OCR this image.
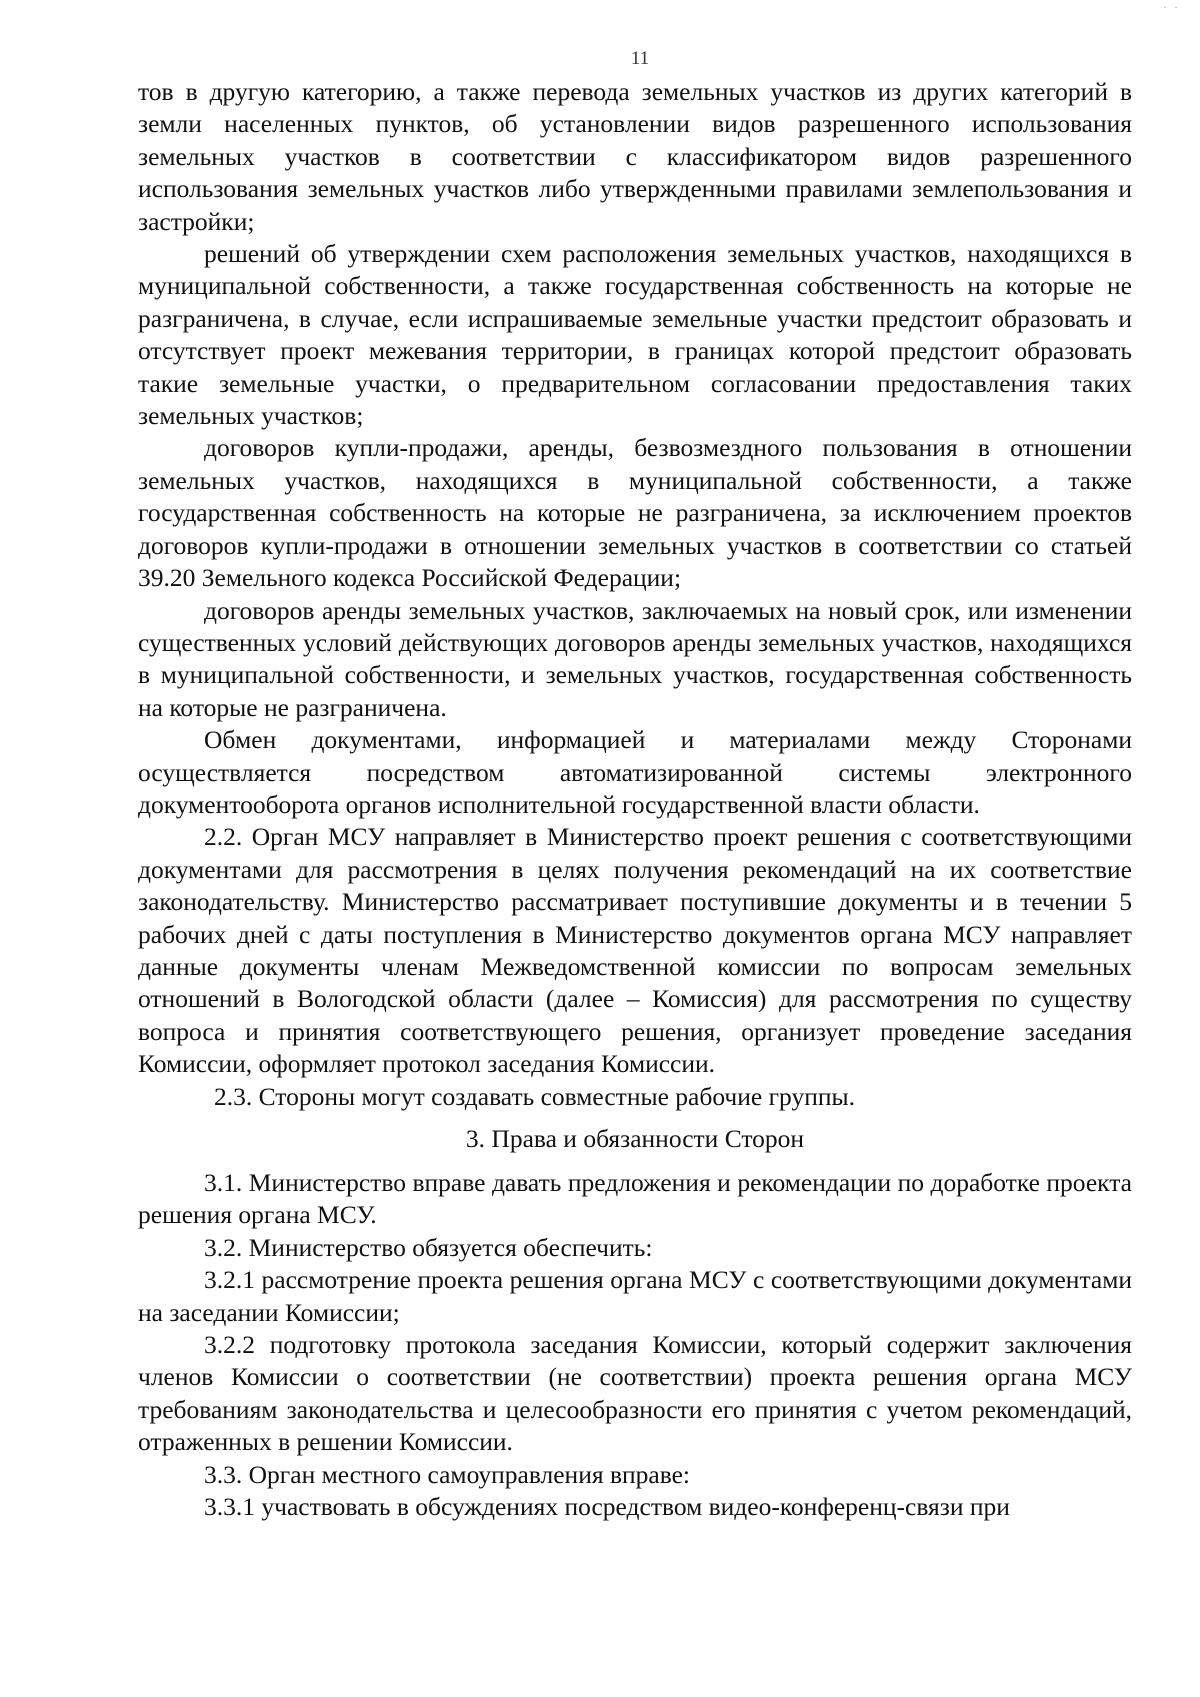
· ·
11

тов в другую категорию, а также перевода земельных участков из других категорий в земли населенных пунктов, об установлении видов разрешенного использования земельных участков в соответствии с классификатором видов разрешенного использования земельных участков либо утвержденными правилами землепользования и застройки;

решений об утверждении схем расположения земельных участков, находящихся в муниципальной собственности, а также государственная собственность на которые не разграничена, в случае, если испрашиваемые земельные участки предстоит образовать и отсутствует проект межевания территории, в границах которой предстоит образовать такие земельные участки, о предварительном согласовании предоставления таких земельных участков;

договоров купли-продажи, аренды, безвозмездного пользования в отношении земельных участков, находящихся в муниципальной собственности, а также государственная собственность на которые не разграничена, за исключением проектов договоров купли-продажи в отношении земельных участков в соответствии со статьей 39.20 Земельного кодекса Российской Федерации;

договоров аренды земельных участков, заключаемых на новый срок, или изменении существенных условий действующих договоров аренды земельных участков, находящихся в муниципальной собственности, и земельных участков, государственная собственность на которые не разграничена.

Обмен документами, информацией и материалами между Сторонами осуществляется посредством автоматизированной системы электронного документооборота органов исполнительной государственной власти области.

2.2. Орган МСУ направляет в Министерство проект решения с соответствующими документами для рассмотрения в целях получения рекомендаций на их соответствие законодательству. Министерство рассматривает поступившие документы и в течении 5 рабочих дней с даты поступления в Министерство документов органа МСУ направляет данные документы членам Межведомственной комиссии по вопросам земельных отношений в Вологодской области (далее – Комиссия) для рассмотрения по существу вопроса и принятия соответствующего решения, организует проведение заседания Комиссии, оформляет протокол заседания Комиссии.

2.3. Стороны могут создавать совместные рабочие группы.

3. Права и обязанности Сторон

3.1. Министерство вправе давать предложения и рекомендации по доработке проекта решения органа МСУ.

3.2. Министерство обязуется обеспечить:

3.2.1 рассмотрение проекта решения органа МСУ с соответствующими документами на заседании Комиссии;

3.2.2 подготовку протокола заседания Комиссии, который содержит заключения членов Комиссии о соответствии (не соответствии) проекта решения органа МСУ требованиям законодательства и целесообразности его принятия с учетом рекомендаций, отраженных в решении Комиссии.

3.3. Орган местного самоуправления вправе:

3.3.1 участвовать в обсуждениях посредством видео-конференц-связи при
